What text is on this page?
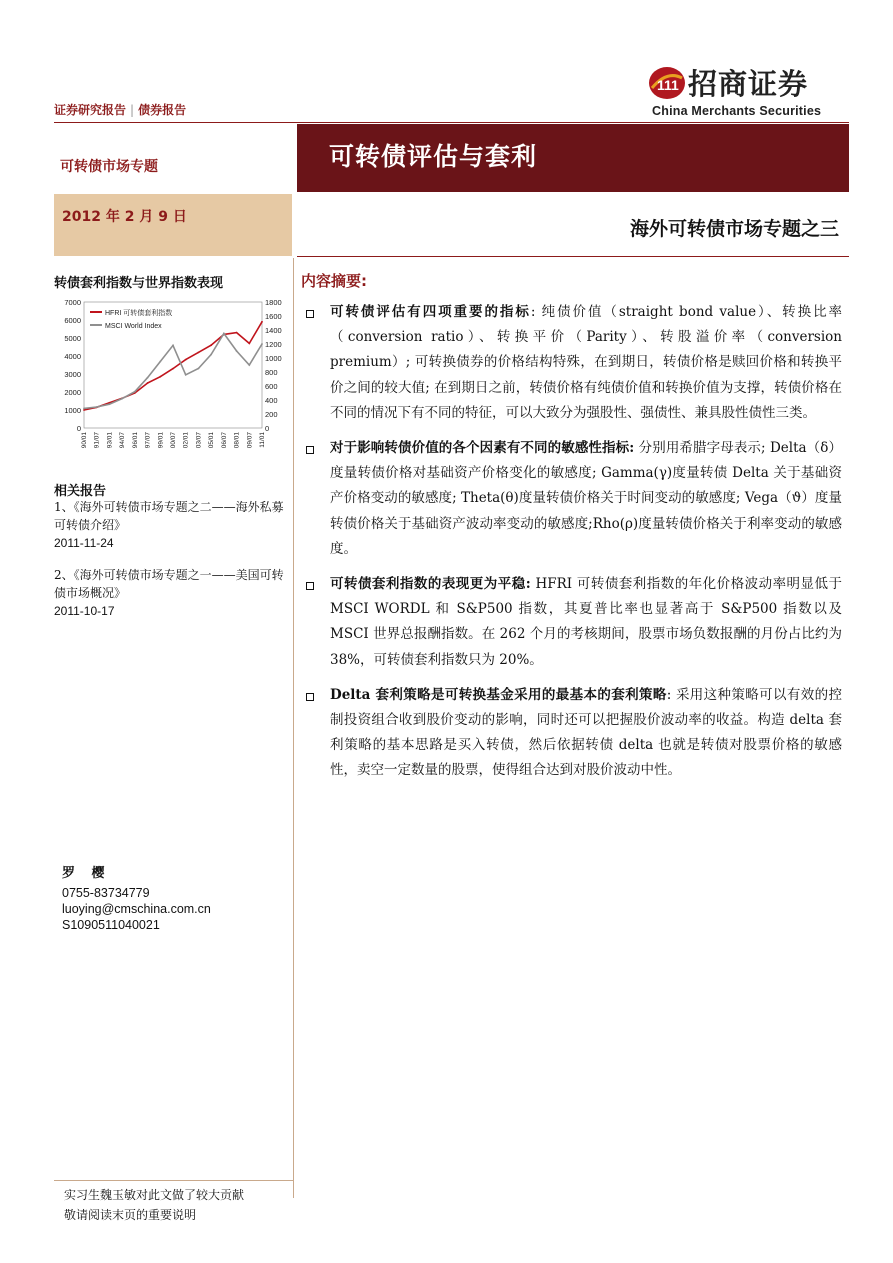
111 招商证券
China Merchants Securities
证券研究报告 | 债券报告
可转债市场专题
2012 年 2 月 9 日
可转债评估与套利
海外可转债市场专题之三
转债套利指数与世界指数表现
0
1000
2000
3000
4000
5000
6000
7000
0
200
400
600
800
1000
1200
1400
1600
1800
90/01 91/07 93/01 94/07 96/01 97/07 99/01 00/07 02/01 03/07 05/01 06/07 08/01 09/07 11/01
HFRI 可转债套利指数
MSCI World Index
相关报告
1、《海外可转债市场专题之二——海外私募可转债介绍》
2011-11-24
2、《海外可转债市场专题之一——美国可转债市场概况》
2011-10-17
罗 樱
0755-83734779
luoying@cmschina.com.cn
S1090511040021
实习生魏玉敏对此文做了较大贡献
敬请阅读末页的重要说明
内容摘要:
可转债评估有四项重要的指标: 纯债价值（straight bond value）、转换比率（conversion ratio）、转换平价（Parity）、转股溢价率（conversion premium）; 可转换债券的价格结构特殊，在到期日，转债价格是赎回价格和转换平价之间的较大值; 在到期日之前，转债价格有纯债价值和转换价值为支撑，转债价格在不同的情况下有不同的特征，可以大致分为强股性、强债性、兼具股性债性三类。
对于影响转债价值的各个因素有不同的敏感性指标: 分别用希腊字母表示; Delta（δ）度量转债价格对基础资产价格变化的敏感度; Gamma(γ)度量转债 Delta 关于基础资产价格变动的敏感度; Theta(θ)度量转债价格关于时间变动的敏感度; Vega（ϑ）度量转债价格关于基础资产波动率变动的敏感度;Rho(ρ)度量转债价格关于利率变动的敏感度。
可转债套利指数的表现更为平稳: HFRI 可转债套利指数的年化价格波动率明显低于 MSCI WORDL 和 S&P500 指数，其夏普比率也显著高于 S&P500 指数以及 MSCI 世界总报酬指数。在 262 个月的考核期间，股票市场负数报酬的月份占比约为 38%，可转债套利指数只为 20%。
Delta 套利策略是可转换基金采用的最基本的套利策略: 采用这种策略可以有效的控制投资组合收到股价变动的影响，同时还可以把握股价波动率的收益。构造 delta 套利策略的基本思路是买入转债，然后依据转债 delta 也就是转债对股票价格的敏感性，卖空一定数量的股票，使得组合达到对股价波动中性。
